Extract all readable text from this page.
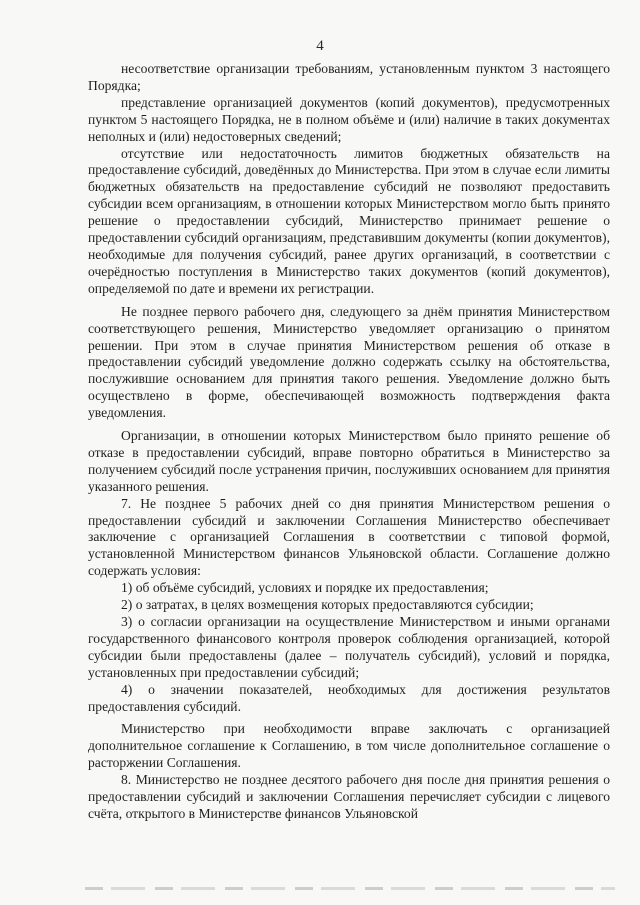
4

несоответствие организации требованиям, установленным пунктом 3 настоящего Порядка;

представление организацией документов (копий документов), предусмотренных пунктом 5 настоящего Порядка, не в полном объёме и (или) наличие в таких документах неполных и (или) недостоверных сведений;

отсутствие или недостаточность лимитов бюджетных обязательств на предоставление субсидий, доведённых до Министерства. При этом в случае если лимиты бюджетных обязательств на предоставление субсидий не позволяют предоставить субсидии всем организациям, в отношении которых Министерством могло быть принято решение о предоставлении субсидий, Министерство принимает решение о предоставлении субсидий организациям, представившим документы (копии документов), необходимые для получения субсидий, ранее других организаций, в соответствии с очерёдностью поступления в Министерство таких документов (копий документов), определяемой по дате и времени их регистрации.

Не позднее первого рабочего дня, следующего за днём принятия Министерством соответствующего решения, Министерство уведомляет организацию о принятом решении. При этом в случае принятия Министерством решения об отказе в предоставлении субсидий уведомление должно содержать ссылку на обстоятельства, послужившие основанием для принятия такого решения. Уведомление должно быть осуществлено в форме, обеспечивающей возможность подтверждения факта уведомления.

Организации, в отношении которых Министерством было принято решение об отказе в предоставлении субсидий, вправе повторно обратиться в Министерство за получением субсидий после устранения причин, послуживших основанием для принятия указанного решения.

7. Не позднее 5 рабочих дней со дня принятия Министерством решения о предоставлении субсидий и заключении Соглашения Министерство обеспечивает заключение с организацией Соглашения в соответствии с типовой формой, установленной Министерством финансов Ульяновской области. Соглашение должно содержать условия:

1) об объёме субсидий, условиях и порядке их предоставления;

2) о затратах, в целях возмещения которых предоставляются субсидии;

3) о согласии организации на осуществление Министерством и иными органами государственного финансового контроля проверок соблюдения организацией, которой субсидии были предоставлены (далее – получатель субсидий), условий и порядка, установленных при предоставлении субсидий;

4) о значении показателей, необходимых для достижения результатов предоставления субсидий.

Министерство при необходимости вправе заключать с организацией дополнительное соглашение к Соглашению, в том числе дополнительное соглашение о расторжении Соглашения.

8. Министерство не позднее десятого рабочего дня после дня принятия решения о предоставлении субсидий и заключении Соглашения перечисляет субсидии с лицевого счёта, открытого в Министерстве финансов Ульяновской
